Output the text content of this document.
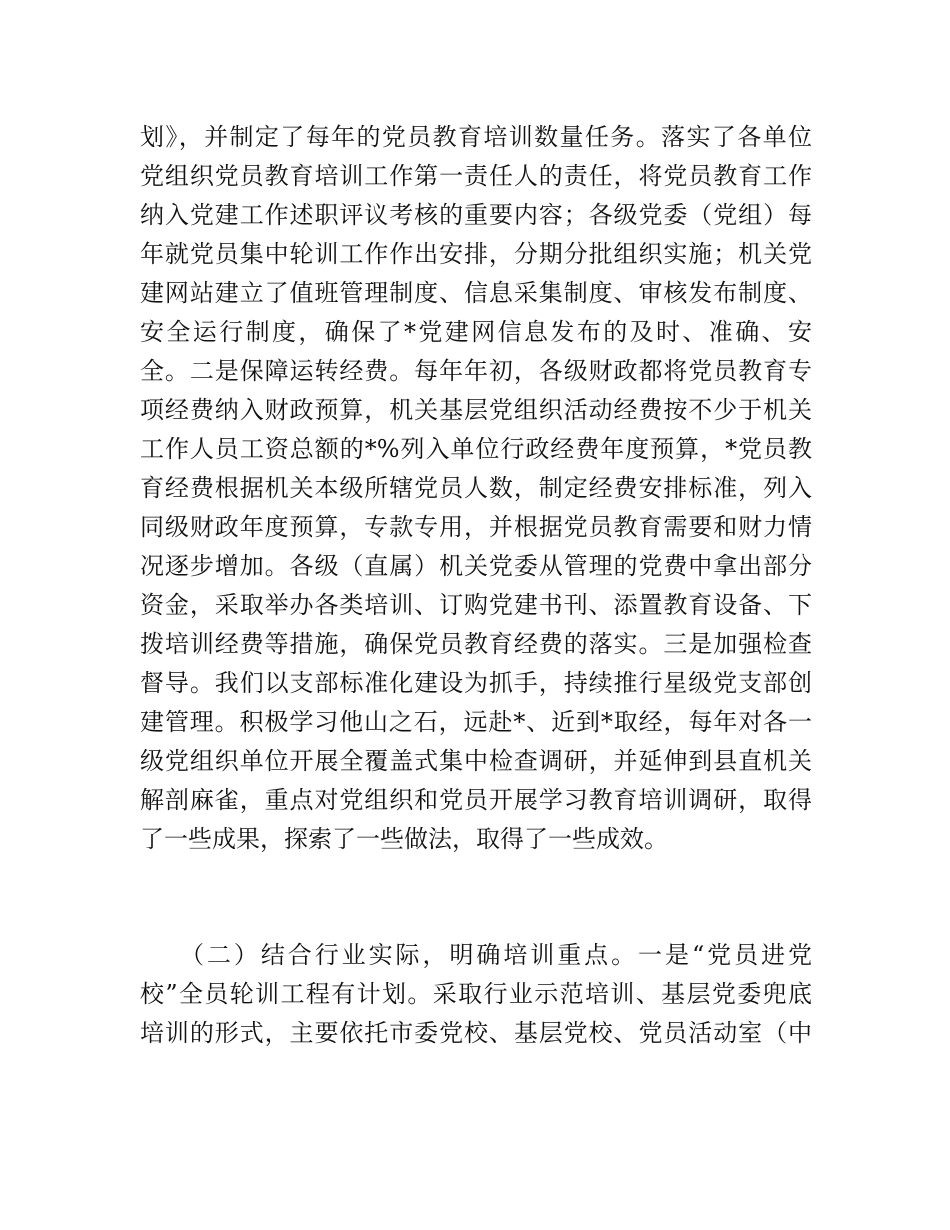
划》，并制定了每年的党员教育培训数量任务。落实了各单位
党组织党员教育培训工作第一责任人的责任，将党员教育工作
纳入党建工作述职评议考核的重要内容；各级党委（党组）每
年就党员集中轮训工作作出安排，分期分批组织实施；机关党
建网站建立了值班管理制度、信息采集制度、审核发布制度、
安全运行制度，确保了*党建网信息发布的及时、准确、安
全。二是保障运转经费。每年年初，各级财政都将党员教育专
项经费纳入财政预算，机关基层党组织活动经费按不少于机关
工作人员工资总额的*%列入单位行政经费年度预算，*党员教
育经费根据机关本级所辖党员人数，制定经费安排标准，列入
同级财政年度预算，专款专用，并根据党员教育需要和财力情
况逐步增加。各级（直属）机关党委从管理的党费中拿出部分
资金，采取举办各类培训、订购党建书刊、添置教育设备、下
拨培训经费等措施，确保党员教育经费的落实。三是加强检查
督导。我们以支部标准化建设为抓手，持续推行星级党支部创
建管理。积极学习他山之石，远赴*、近到*取经，每年对各一
级党组织单位开展全覆盖式集中检查调研，并延伸到县直机关
解剖麻雀，重点对党组织和党员开展学习教育培训调研，取得
了一些成果，探索了一些做法，取得了一些成效。
（二）结合行业实际，明确培训重点。一是“党员进党
校”全员轮训工程有计划。采取行业示范培训、基层党委兜底
培训的形式，主要依托市委党校、基层党校、党员活动室（中
